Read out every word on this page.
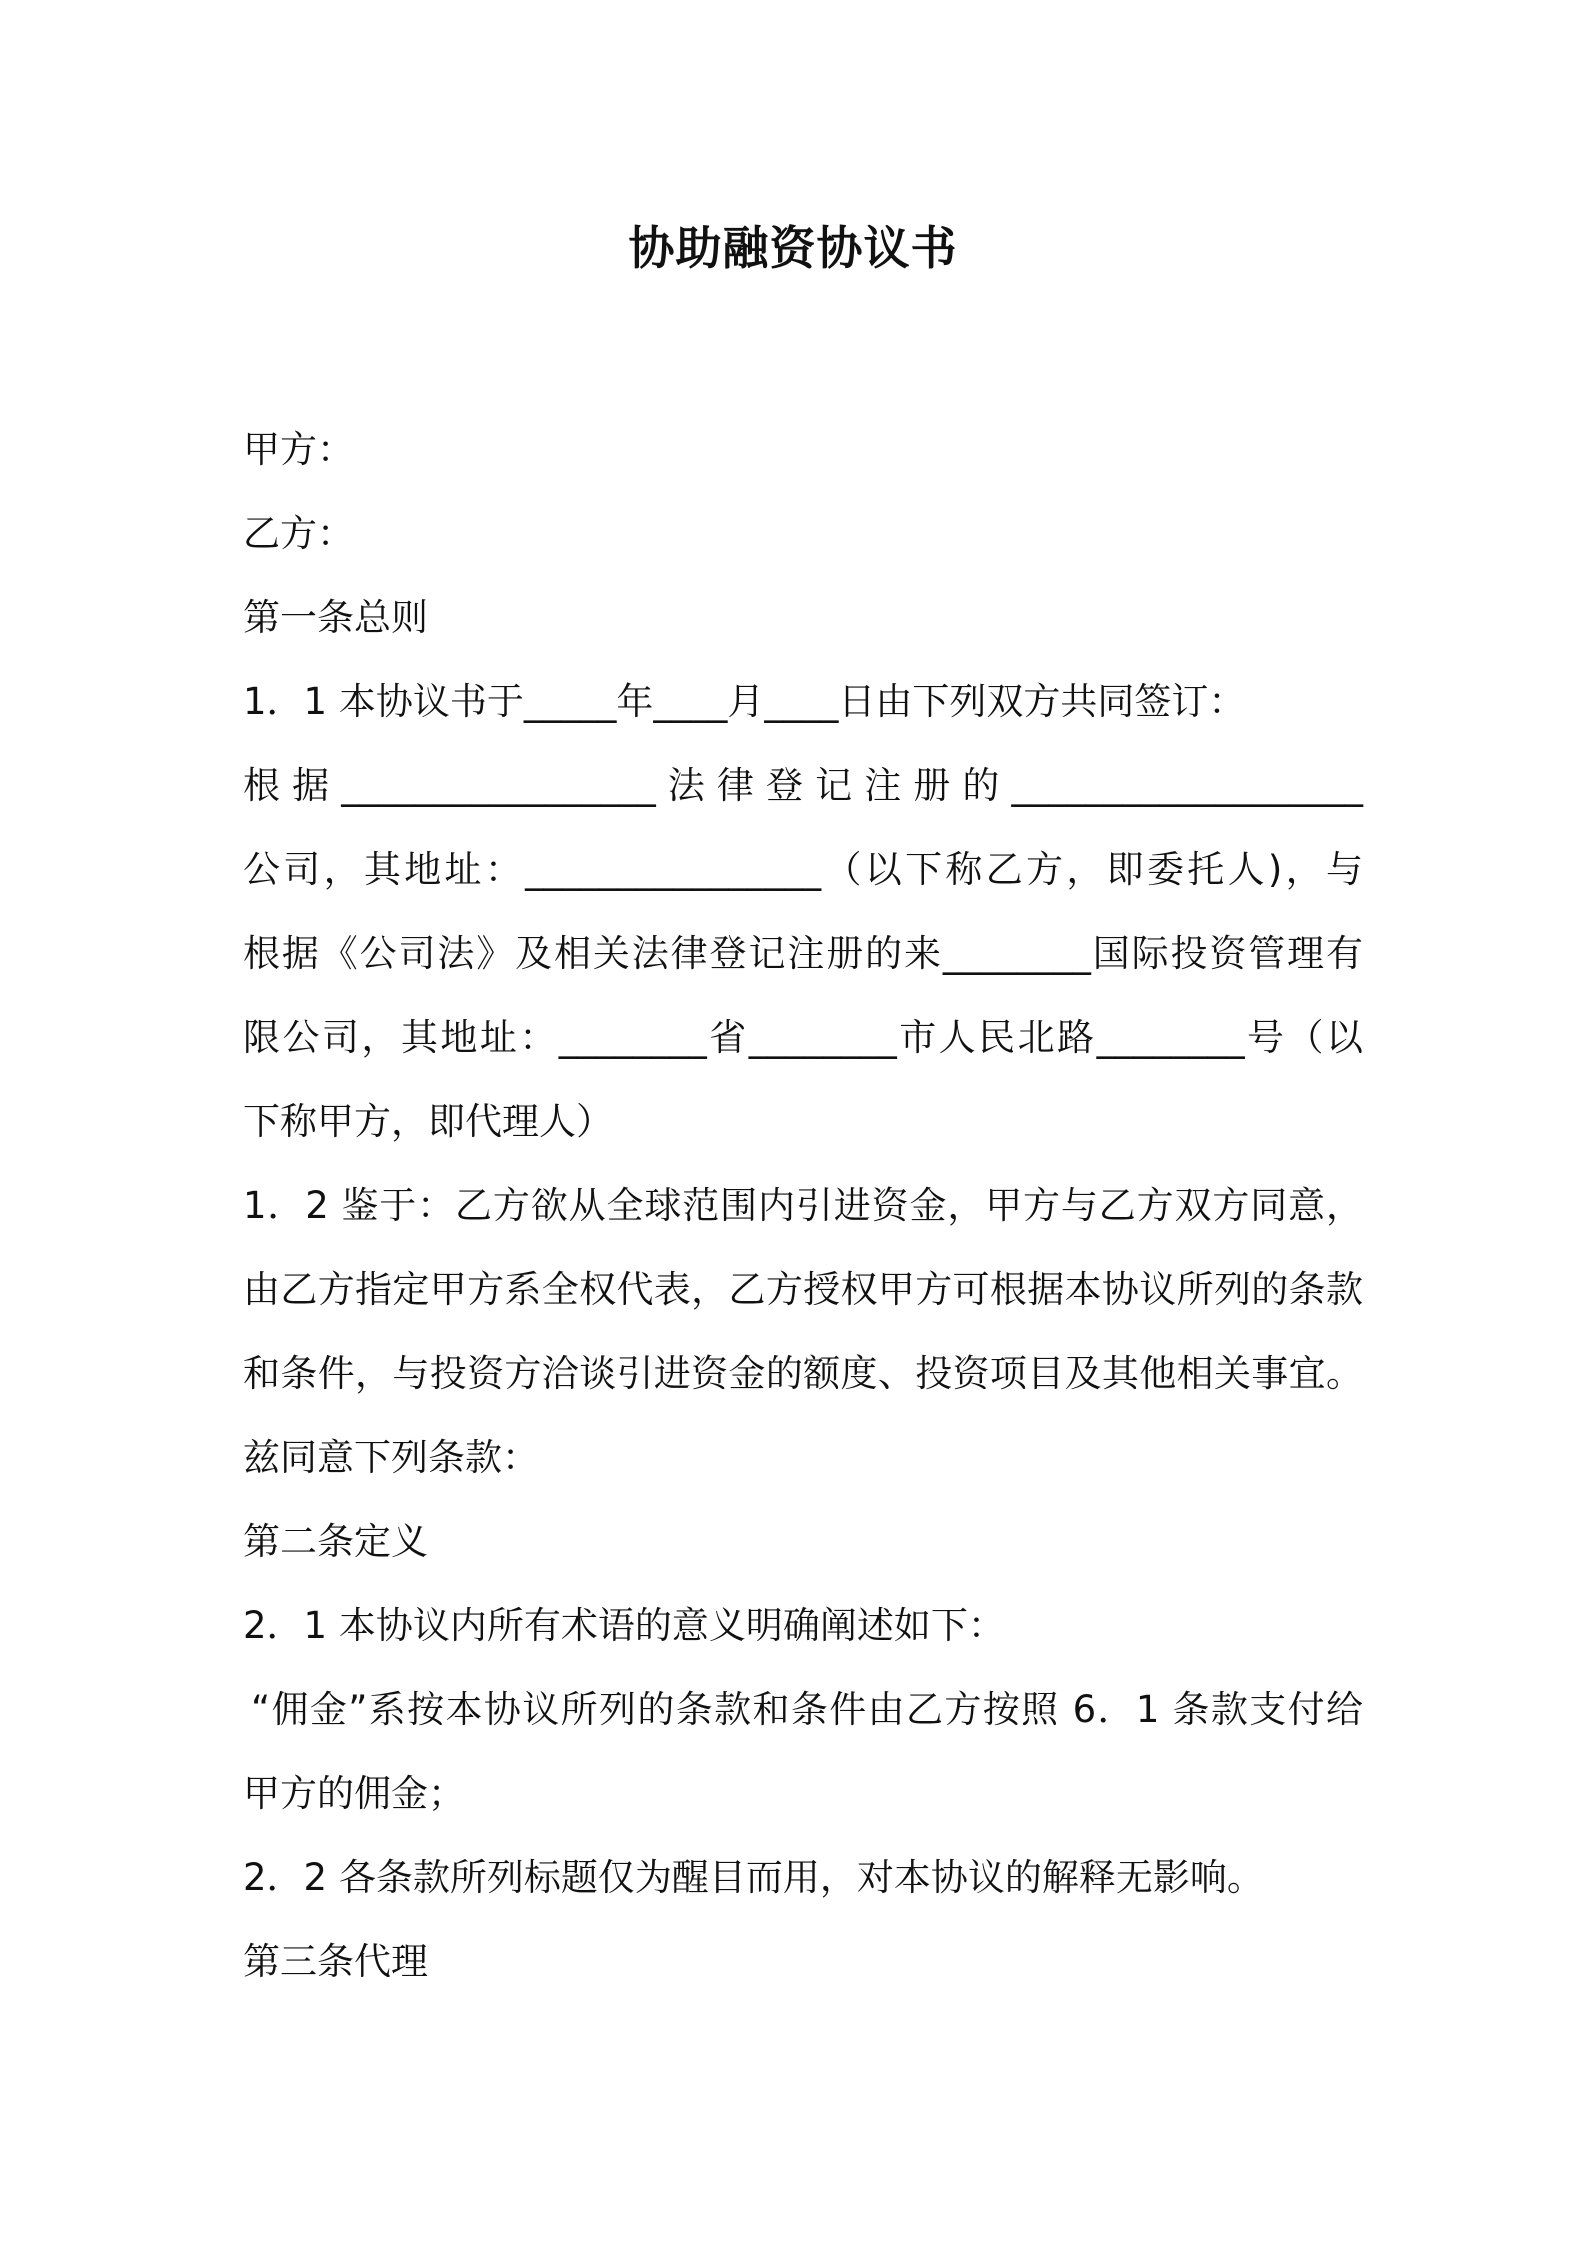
协助融资协议书
甲方：
乙方：
第一条总则
1．1 本协议书于_____年____月____日由下列双方共同签订：
根据_________________法律登记注册的___________________
公司，其地址：________________（以下称乙方，即委托人)，与
根据《公司法》及相关法律登记注册的来________国际投资管理有
限公司，其地址：________省________市人民北路________号（以
下称甲方，即代理人）
1．2 鉴于：乙方欲从全球范围内引进资金，甲方与乙方双方同意，
由乙方指定甲方系全权代表，乙方授权甲方可根据本协议所列的条款
和条件，与投资方洽谈引进资金的额度、投资项目及其他相关事宜。
兹同意下列条款：
第二条定义
2．1 本协议内所有术语的意义明确阐述如下：
“佣金”系按本协议所列的条款和条件由乙方按照 6．1 条款支付给
甲方的佣金；
2．2 各条款所列标题仅为醒目而用，对本协议的解释无影响。
第三条代理
